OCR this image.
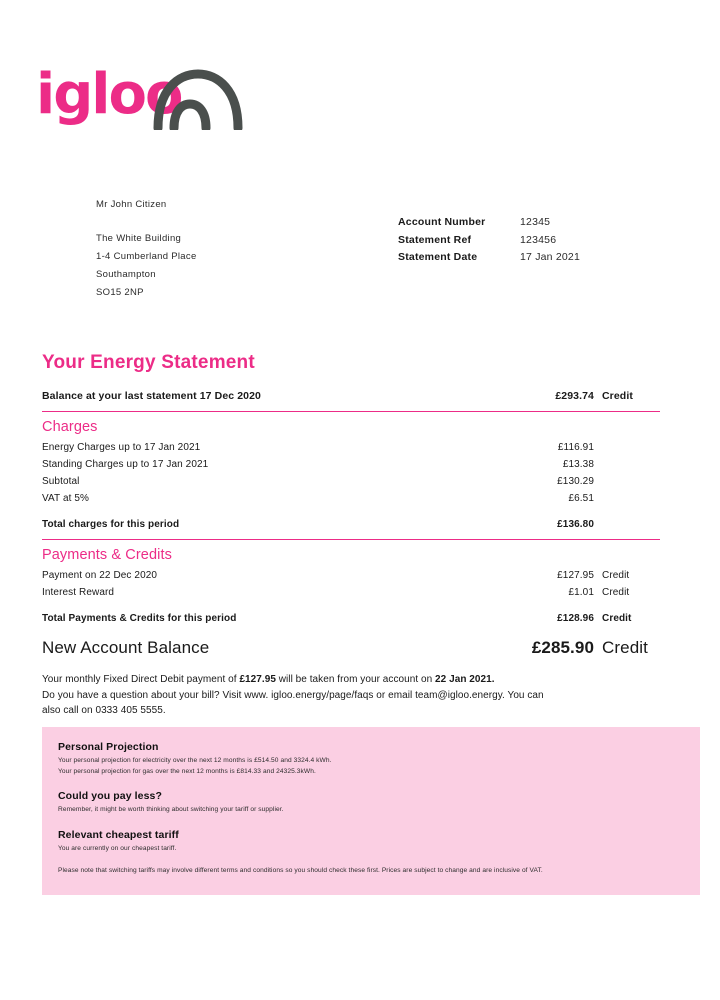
igloo
Mr John Citizen
The White Building
1-4 Cumberland Place
Southampton
SO15 2NP
Account Number	12345
Statement Ref	123456
Statement Date	17 Jan 2021
Your Energy Statement
Balance at your last statement 17 Dec 2020	£293.74 Credit
Charges
Energy Charges up to 17 Jan 2021	£116.91
Standing Charges up to 17 Jan 2021	£13.38
Subtotal	£130.29
VAT at 5%	£6.51
Total charges for this period	£136.80
Payments & Credits
Payment on 22 Dec 2020	£127.95 Credit
Interest Reward	£1.01 Credit
Total Payments & Credits for this period	£128.96 Credit
New Account Balance	£285.90 Credit
Your monthly Fixed Direct Debit payment of £127.95 will be taken from your account on 22 Jan 2021.
Do you have a question about your bill? Visit www. igloo.energy/page/faqs or email team@igloo.energy. You can
also call on 0333 405 5555.
Personal Projection
Your personal projection for electricity over the next 12 months is £514.50 and 3324.4 kWh.
Your personal projection for gas over the next 12 months is £814.33 and 24325.3kWh.
Could you pay less?
Remember, it might be worth thinking about switching your tariff or supplier.
Relevant cheapest tariff
You are currently on our cheapest tariff.
Please note that switching tariffs may involve different terms and conditions so you should check these first. Prices are subject to change and are inclusive of VAT.
